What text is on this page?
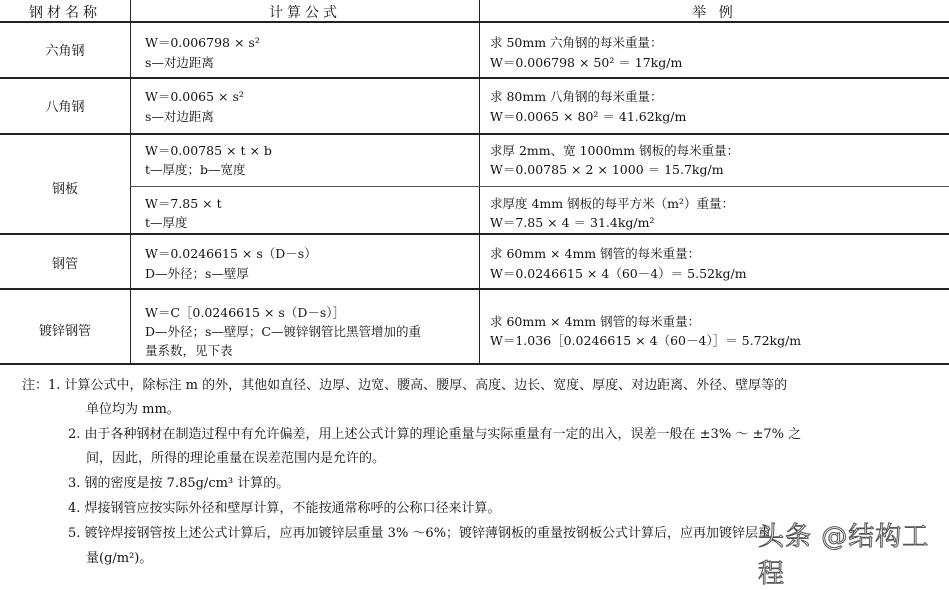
钢材名称	计算公式	举 例
六角钢
W＝0.006798 × s²
s—对边距离
求 50mm 六角钢的每米重量：
W＝0.006798 × 50² ＝ 17kg/m
八角钢
W＝0.0065 × s²
s—对边距离
求 80mm 八角钢的每米重量：
W＝0.0065 × 80² ＝ 41.62kg/m
钢板
W＝0.00785 × t × b
t—厚度；b—宽度
求厚 2mm、宽 1000mm 钢板的每米重量：
W＝0.00785 × 2 × 1000 ＝ 15.7kg/m
W＝7.85 × t
t—厚度
求厚度 4mm 钢板的每平方米（m²）重量：
W＝7.85 × 4 ＝ 31.4kg/m²
钢管
W＝0.0246615 × s（D－s）
D—外径；s—壁厚
求 60mm × 4mm 钢管的每米重量：
W＝0.0246615 × 4（60－4）＝ 5.52kg/m
镀锌钢管
W＝C［0.0246615 × s（D－s）］
D—外径；s—壁厚；C—镀锌钢管比黑管增加的重
量系数，见下表
求 60mm × 4mm 钢管的每米重量：
W＝1.036［0.0246615 × 4（60－4）］＝ 5.72kg/m
注：1. 计算公式中，除标注 m 的外，其他如直径、边厚、边宽、腰高、腰厚、高度、边长、宽度、厚度、对边距离、外径、壁厚等的
单位均为 mm。
2. 由于各种钢材在制造过程中有允许偏差，用上述公式计算的理论重量与实际重量有一定的出入，误差一般在 ±3% ～ ±7% 之
间，因此，所得的理论重量在误差范围内是允许的。
3. 钢的密度是按 7.85g/cm³ 计算的。
4. 焊接钢管应按实际外径和壁厚计算，不能按通常称呼的公称口径来计算。
5. 镀锌焊接钢管按上述公式计算后，应再加镀锌层重量 3% ～6%；镀锌薄钢板的重量按钢板公式计算后，应再加镀锌层重
量(g/m²)。
头条 @结构工程
